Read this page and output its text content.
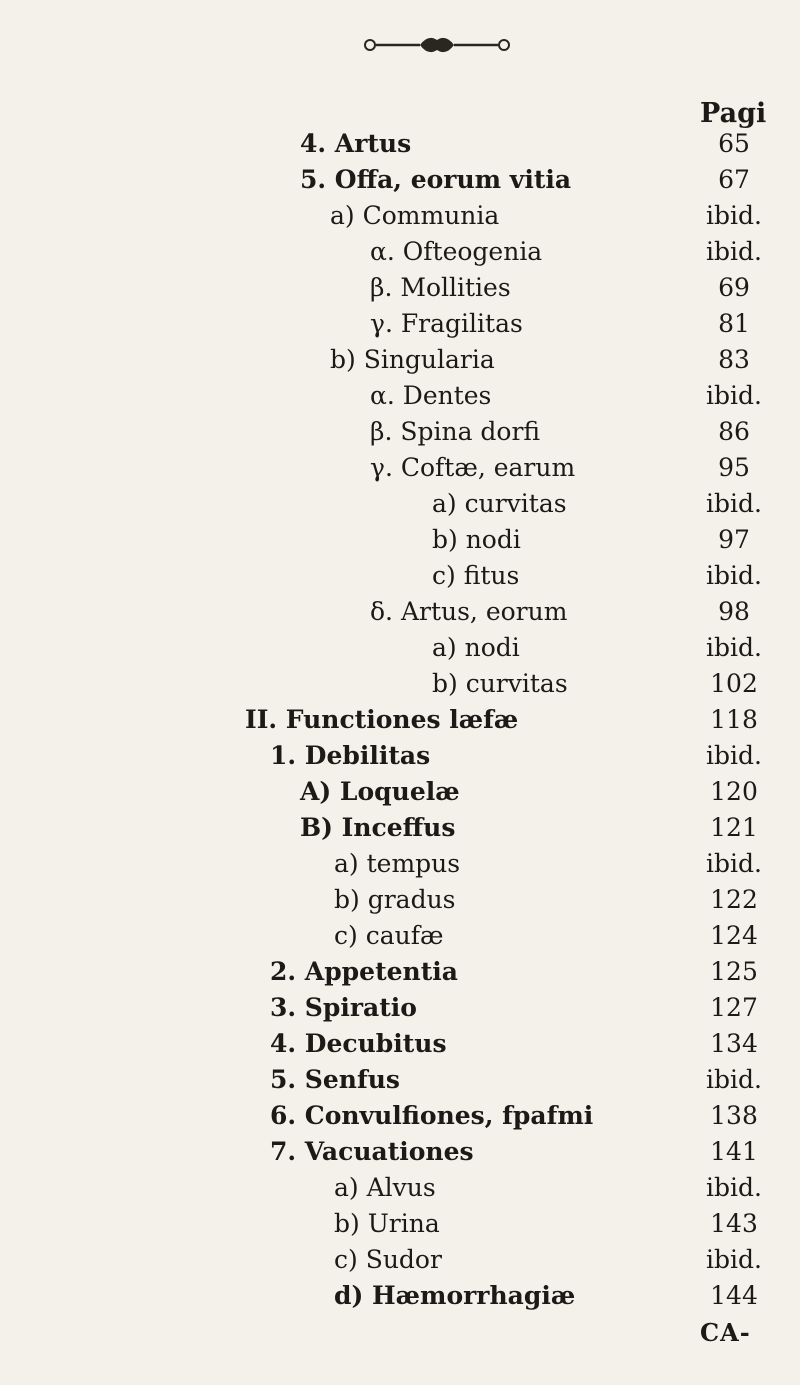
Pagi
4. Artus	65
5. Offa, eorum vitia	67
a) Communia	ibid.
α. Ofteogenia	ibid.
β. Mollities	69
γ. Fragilitas	81
b) Singularia	83
α. Dentes	ibid.
β. Spina dorfi	86
γ. Coftæ, earum	95
a) curvitas	ibid.
b) nodi	97
c) fitus	ibid.
δ. Artus, eorum	98
a) nodi	ibid.
b) curvitas	102
II. Functiones læfæ	118
1. Debilitas	ibid.
A) Loquelæ	120
B) Inceffus	121
a) tempus	ibid.
b) gradus	122
c) caufæ	124
2. Appetentia	125
3. Spiratio	127
4. Decubitus	134
5. Senfus	ibid.
6. Convulfiones, fpafmi	138
7. Vacuationes	141
a) Alvus	ibid.
b) Urina	143
c) Sudor	ibid.
d) Hæmorrhagiæ	144
CA-
